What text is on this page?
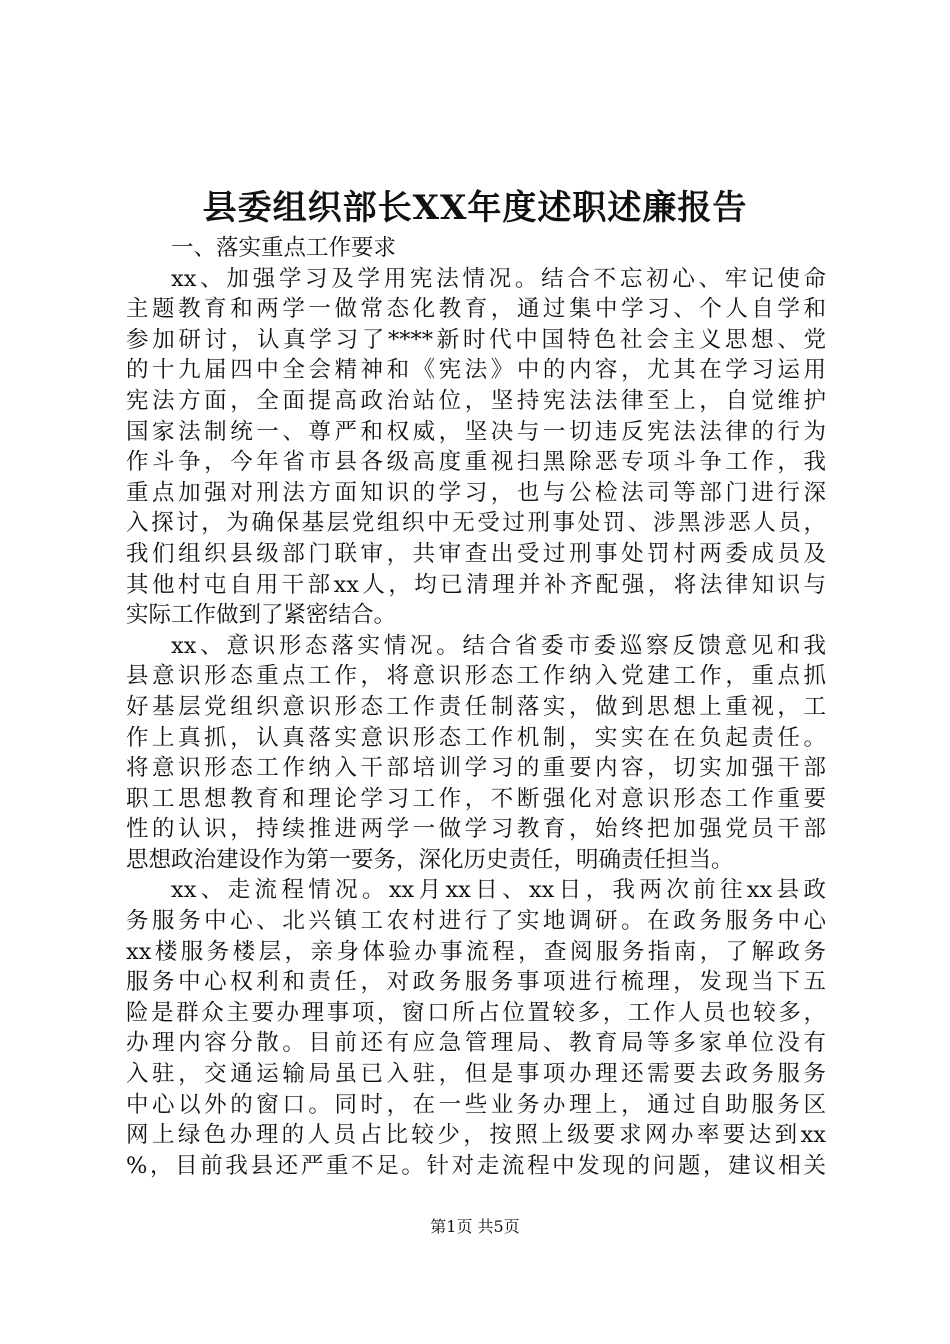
县委组织部长XX年度述职述廉报告
一、落实重点工作要求
xx、加强学习及学用宪法情况。结合不忘初心、牢记使命
主题教育和两学一做常态化教育，通过集中学习、个人自学和
参加研讨，认真学习了****新时代中国特色社会主义思想、党
的十九届四中全会精神和《宪法》中的内容，尤其在学习运用
宪法方面，全面提高政治站位，坚持宪法法律至上，自觉维护
国家法制统一、尊严和权威，坚决与一切违反宪法法律的行为
作斗争，今年省市县各级高度重视扫黑除恶专项斗争工作，我
重点加强对刑法方面知识的学习，也与公检法司等部门进行深
入探讨，为确保基层党组织中无受过刑事处罚、涉黑涉恶人员，
我们组织县级部门联审，共审查出受过刑事处罚村两委成员及
其他村屯自用干部xx人，均已清理并补齐配强，将法律知识与
实际工作做到了紧密结合。
xx、意识形态落实情况。结合省委市委巡察反馈意见和我
县意识形态重点工作，将意识形态工作纳入党建工作，重点抓
好基层党组织意识形态工作责任制落实，做到思想上重视，工
作上真抓，认真落实意识形态工作机制，实实在在负起责任。
将意识形态工作纳入干部培训学习的重要内容，切实加强干部
职工思想教育和理论学习工作，不断强化对意识形态工作重要
性的认识，持续推进两学一做学习教育，始终把加强党员干部
思想政治建设作为第一要务，深化历史责任，明确责任担当。
xx、走流程情况。xx月xx日、xx日，我两次前往xx县政
务服务中心、北兴镇工农村进行了实地调研。在政务服务中心
xx楼服务楼层，亲身体验办事流程，查阅服务指南，了解政务
服务中心权利和责任，对政务服务事项进行梳理，发现当下五
险是群众主要办理事项，窗口所占位置较多，工作人员也较多，
办理内容分散。目前还有应急管理局、教育局等多家单位没有
入驻，交通运输局虽已入驻，但是事项办理还需要去政务服务
中心以外的窗口。同时，在一些业务办理上，通过自助服务区
网上绿色办理的人员占比较少，按照上级要求网办率要达到xx
%，目前我县还严重不足。针对走流程中发现的问题，建议相关
第1页 共5页
